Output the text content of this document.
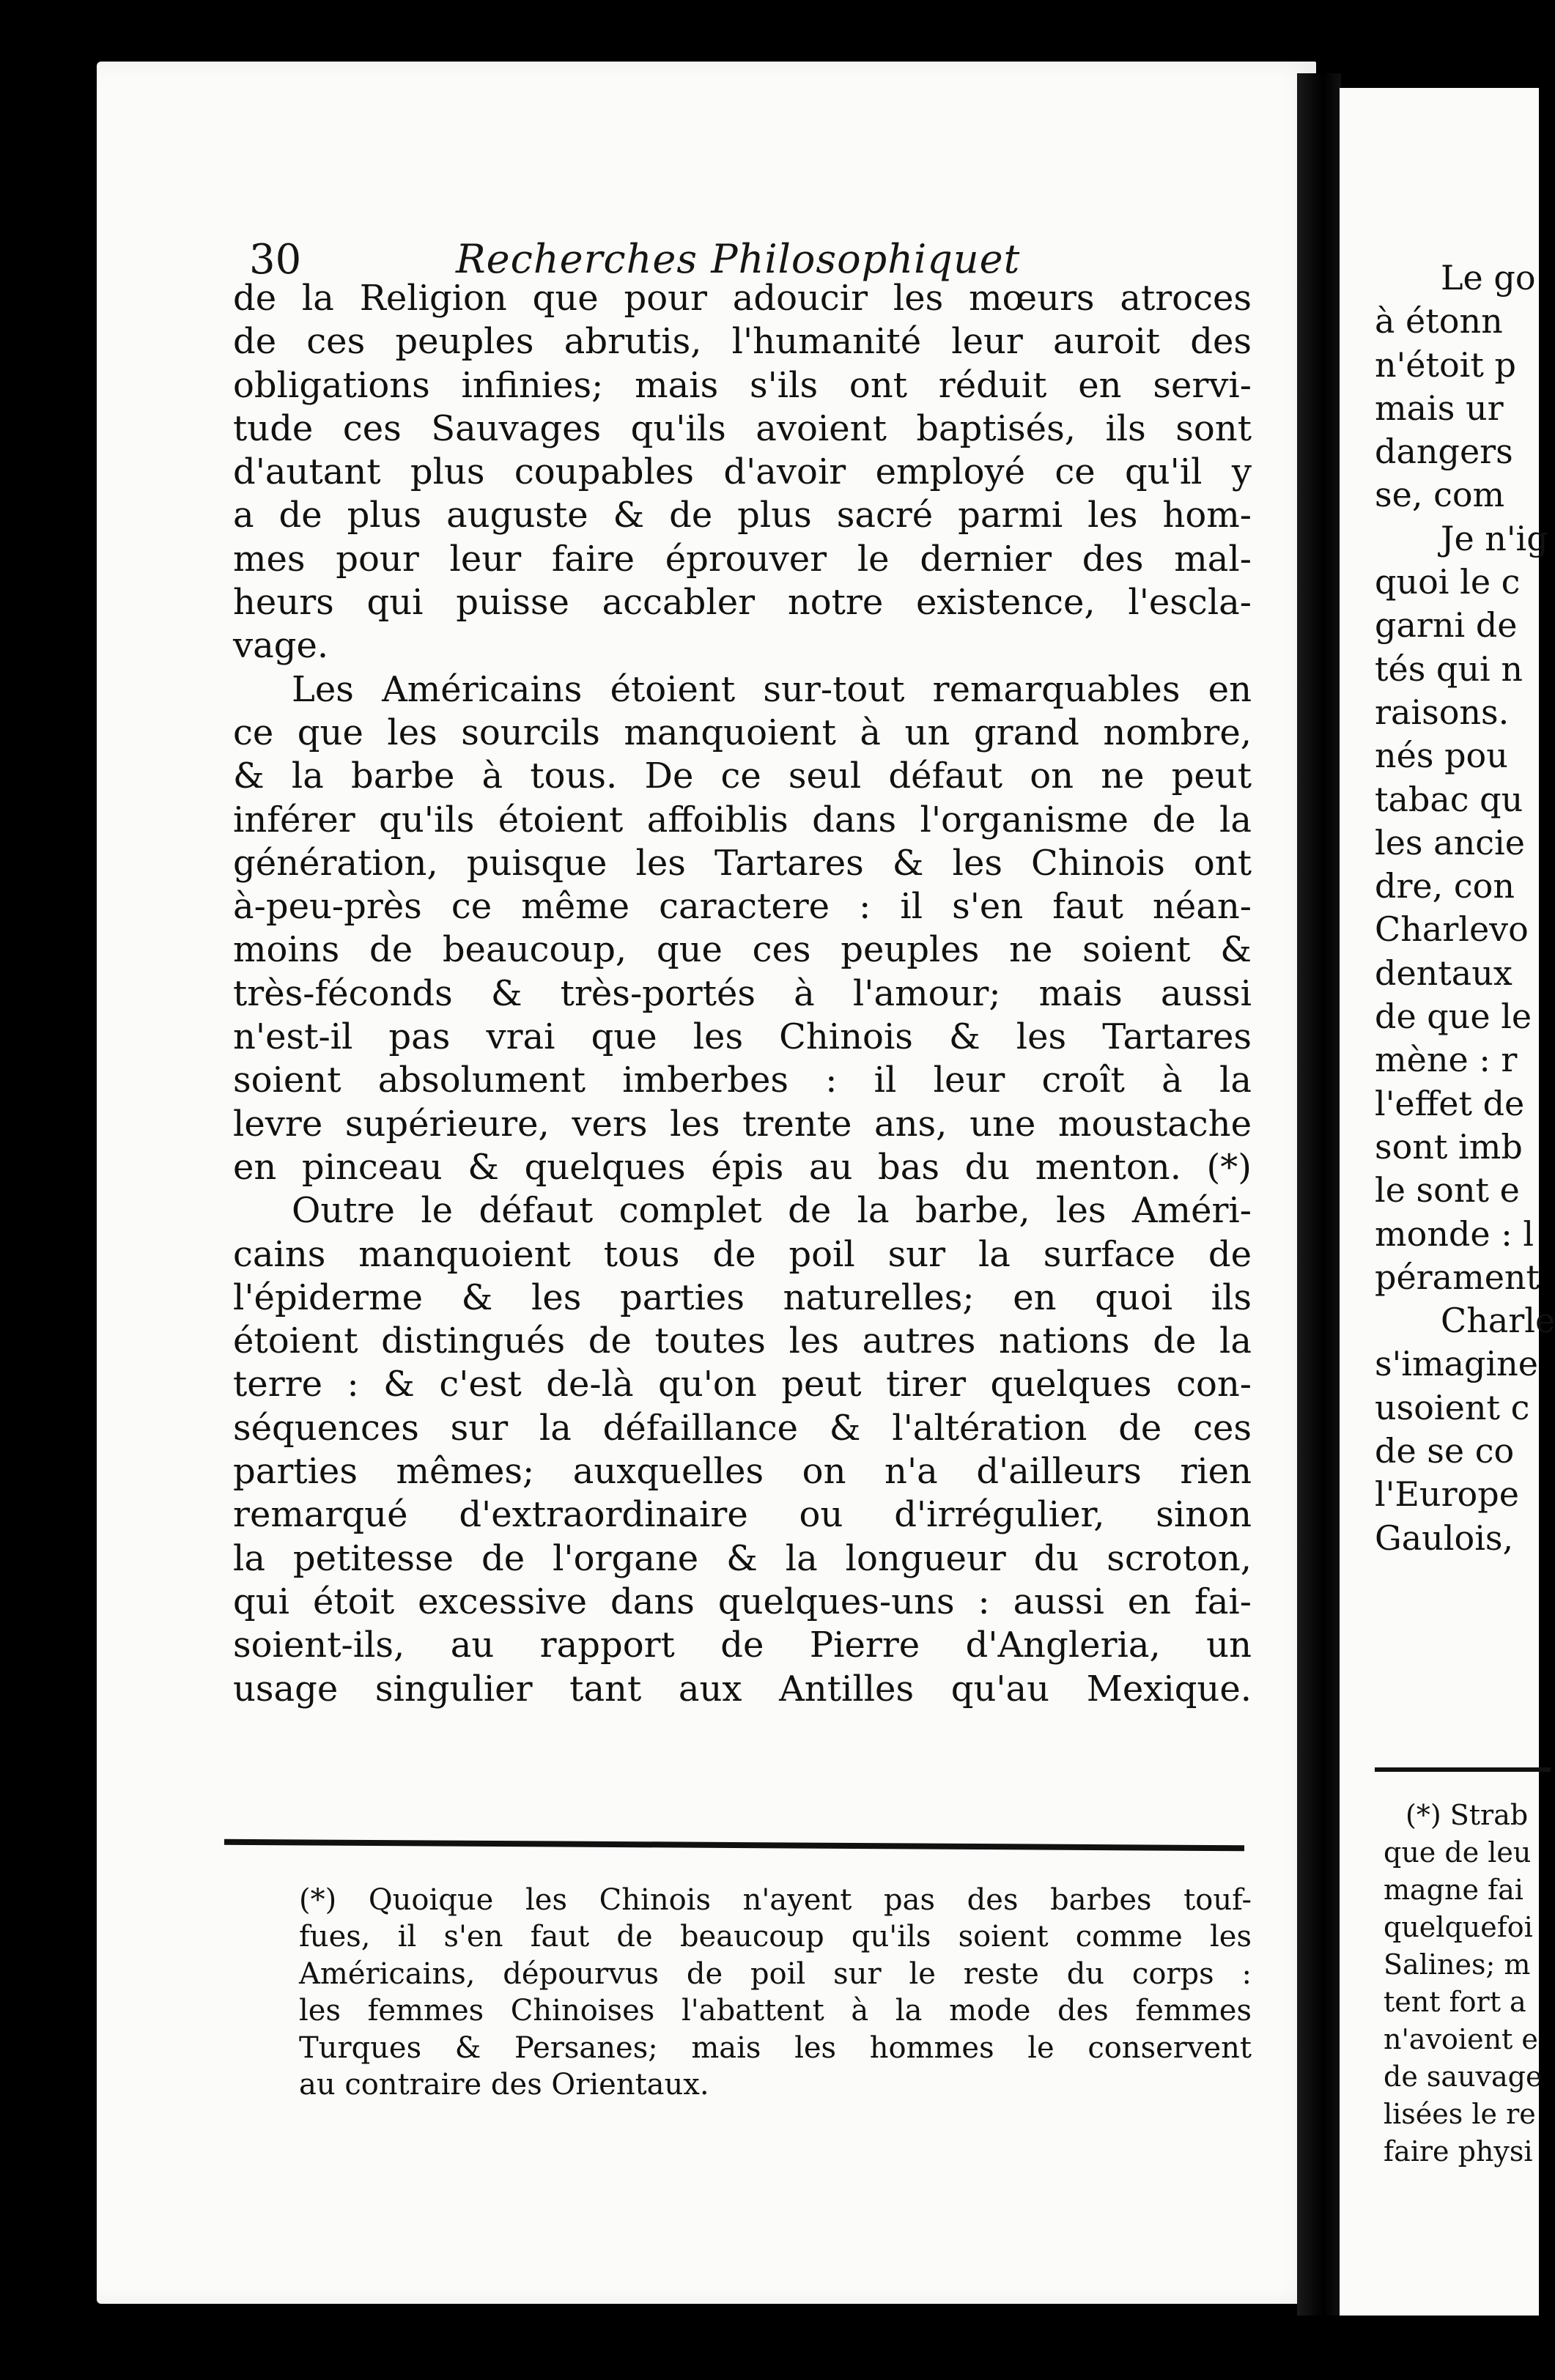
Le go
à étonn
n'étoit p
mais ur
dangers
se, com
Je n'ig
quoi le c
garni de
tés qui n
raisons.
nés pou
tabac qu
les ancie
dre, con
Charlevo
dentaux
de que le
mène : r
l'effet de
sont imb
le sont e
monde : l
pérament
Charle
s'imagine
usoient c
de se co
l'Europe
Gaulois,
(*) Strab
que de leu
magne fai
quelquefoi
Salines; m
tent fort a
n'avoient e
de sauvage
lisées le re
faire physi
30	Recherches Philosophiquet
de la Religion que pour adoucir les mœurs atroces
de ces peuples abrutis, l'humanité leur auroit des
obligations infinies; mais s'ils ont réduit en servi-
tude ces Sauvages qu'ils avoient baptisés, ils sont
d'autant plus coupables d'avoir employé ce qu'il y
a de plus auguste & de plus sacré parmi les hom-
mes pour leur faire éprouver le dernier des mal-
heurs qui puisse accabler notre existence, l'escla-
vage.
Les Américains étoient sur-tout remarquables en
ce que les sourcils manquoient à un grand nombre,
& la barbe à tous. De ce seul défaut on ne peut
inférer qu'ils étoient affoiblis dans l'organisme de la
génération, puisque les Tartares & les Chinois ont
à-peu-près ce même caractere : il s'en faut néan-
moins de beaucoup, que ces peuples ne soient &
très-féconds & très-portés à l'amour; mais aussi
n'est-il pas vrai que les Chinois & les Tartares
soient absolument imberbes : il leur croît à la
levre supérieure, vers les trente ans, une moustache
en pinceau & quelques épis au bas du menton. (*)
Outre le défaut complet de la barbe, les Améri-
cains manquoient tous de poil sur la surface de
l'épiderme & les parties naturelles; en quoi ils
étoient distingués de toutes les autres nations de la
terre : & c'est de-là qu'on peut tirer quelques con-
séquences sur la défaillance & l'altération de ces
parties mêmes; auxquelles on n'a d'ailleurs rien
remarqué d'extraordinaire ou d'irrégulier, sinon
la petitesse de l'organe & la longueur du scroton,
qui étoit excessive dans quelques-uns : aussi en fai-
soient-ils, au rapport de Pierre d'Angleria, un
usage singulier tant aux Antilles qu'au Mexique.
(*) Quoique les Chinois n'ayent pas des barbes touf-
fues, il s'en faut de beaucoup qu'ils soient comme les
Américains, dépourvus de poil sur le reste du corps :
les femmes Chinoises l'abattent à la mode des femmes
Turques & Persanes; mais les hommes le conservent
au contraire des Orientaux.
